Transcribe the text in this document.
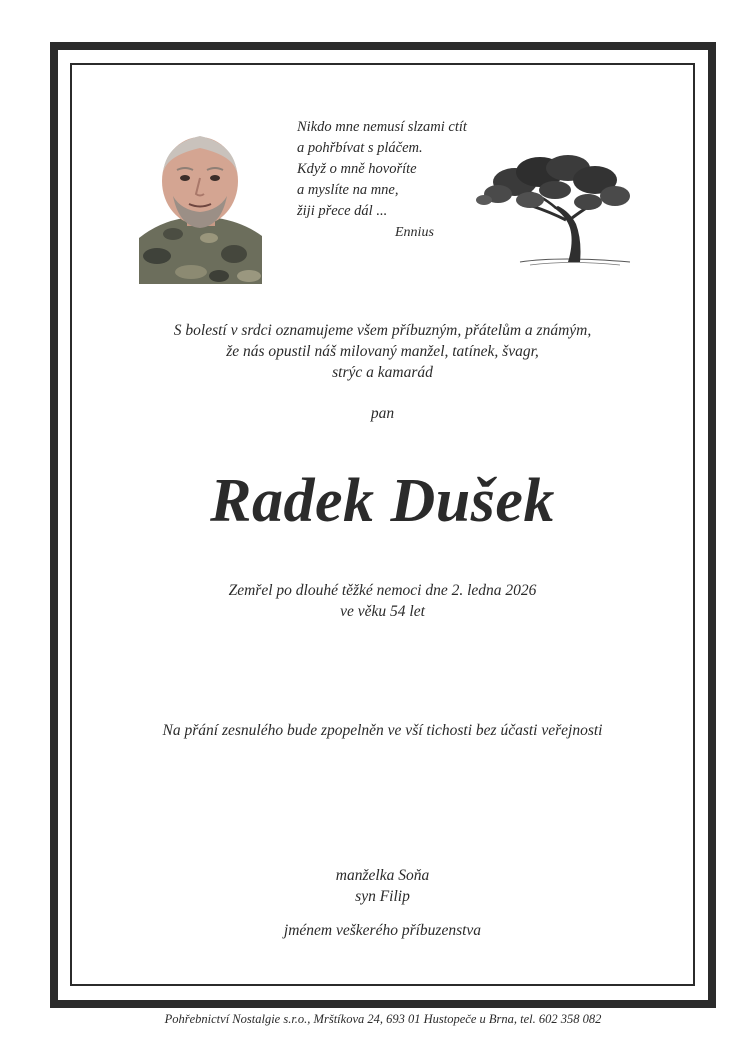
Nikdo mne nemusí slzami ctít
a pohřbívat s pláčem.
Když o mně hovoříte
a myslíte na mne,
žiji přece dál ...
Ennius
S bolestí v srdci oznamujeme všem příbuzným, přátelům a známým,
že nás opustil náš milovaný manžel, tatínek, švagr,
strýc a kamarád
pan
Radek Dušek
Zemřel po dlouhé těžké nemoci dne 2. ledna 2026
ve věku 54 let
Na přání zesnulého bude zpopelněn ve vší tichosti bez účasti veřejnosti
manželka Soňa
syn Filip
jménem veškerého příbuzenstva
Pohřebnictví Nostalgie s.r.o., Mrštíkova 24, 693 01 Hustopeče u Brna, tel. 602 358 082
